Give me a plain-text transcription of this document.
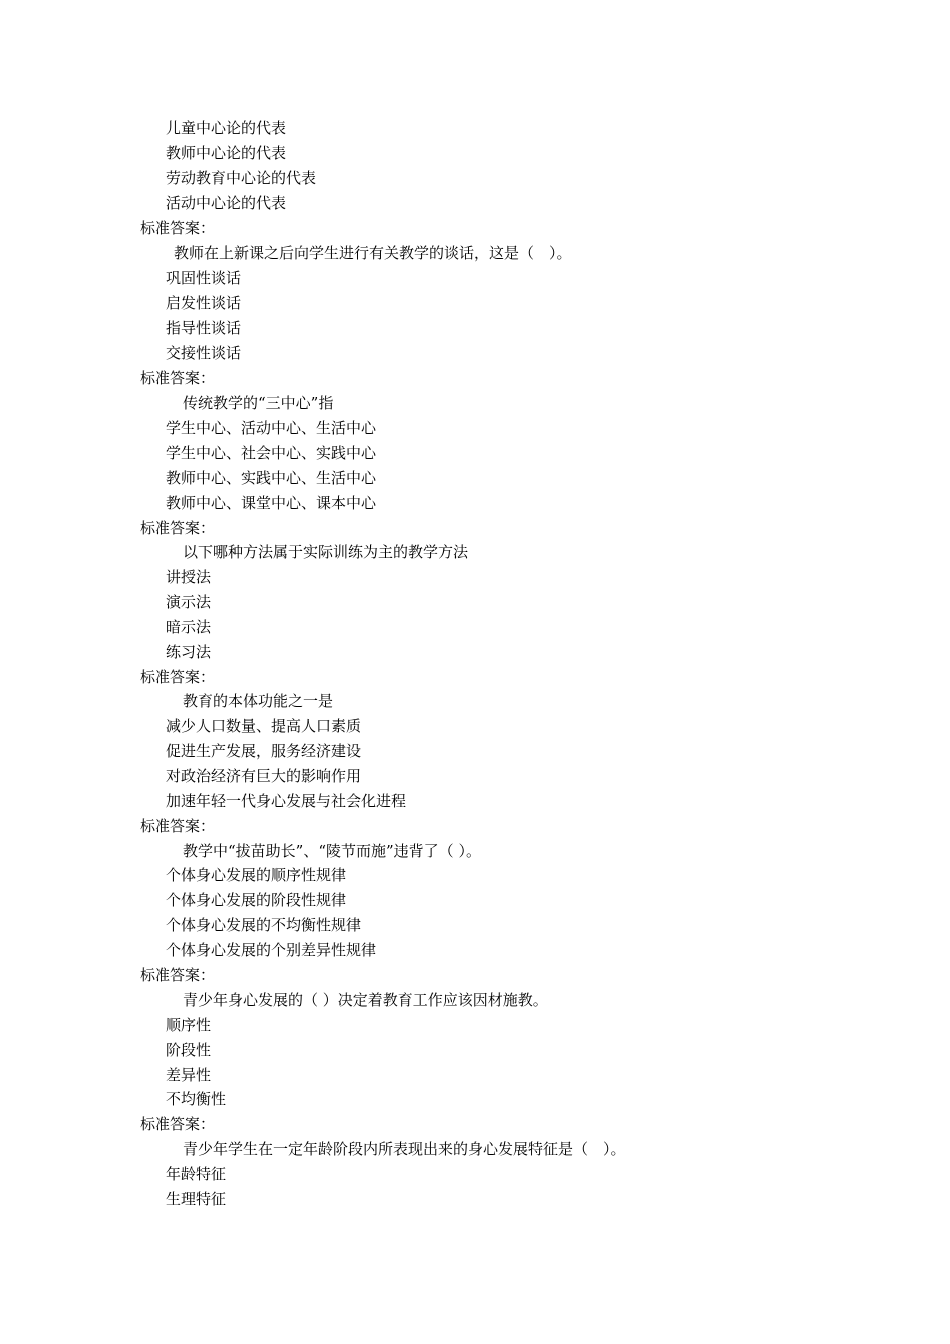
儿童中心论的代表
教师中心论的代表
劳动教育中心论的代表
活动中心论的代表
标准答案：
教师在上新课之后向学生进行有关教学的谈话，这是（　）。
巩固性谈话
启发性谈话
指导性谈话
交接性谈话
标准答案：
传统教学的“三中心”指
学生中心、活动中心、生活中心
学生中心、社会中心、实践中心
教师中心、实践中心、生活中心
教师中心、课堂中心、课本中心
标准答案：
以下哪种方法属于实际训练为主的教学方法
讲授法
演示法
暗示法
练习法
标准答案：
教育的本体功能之一是
减少人口数量、提高人口素质
促进生产发展，服务经济建设
对政治经济有巨大的影响作用
加速年轻一代身心发展与社会化进程
标准答案：
教学中“拔苗助长”、“陵节而施”违背了（ ）。
个体身心发展的顺序性规律
个体身心发展的阶段性规律
个体身心发展的不均衡性规律
个体身心发展的个别差异性规律
标准答案：
青少年身心发展的（ ）决定着教育工作应该因材施教。
顺序性
阶段性
差异性
不均衡性
标准答案：
青少年学生在一定年龄阶段内所表现出来的身心发展特征是（　）。
年龄特征
生理特征
